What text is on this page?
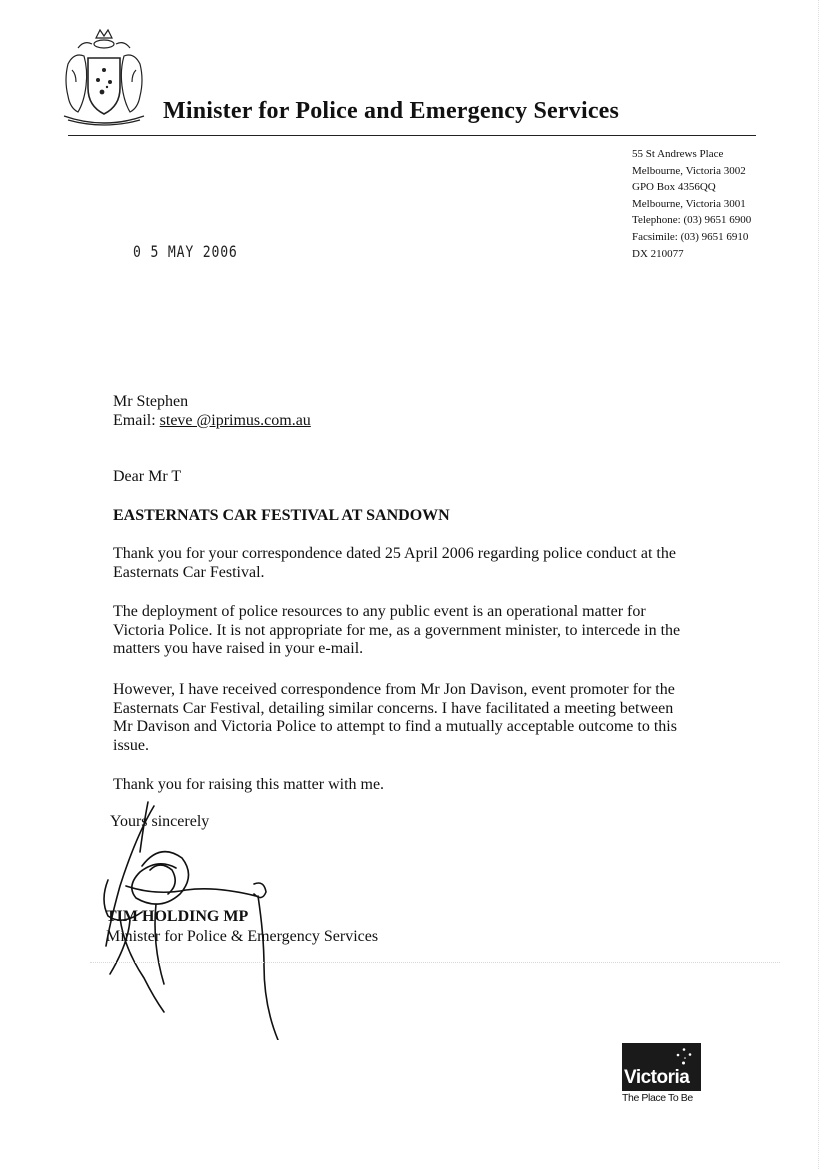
Minister for Police and Emergency Services
55 St Andrews Place
Melbourne, Victoria 3002
GPO Box 4356QQ
Melbourne, Victoria 3001
Telephone: (03) 9651 6900
Facsimile: (03) 9651 6910
DX 210077
0 5 MAY 2006
Mr Stephen
Email: steve @iprimus.com.au
Dear Mr T
EASTERNATS CAR FESTIVAL AT SANDOWN
Thank you for your correspondence dated 25 April 2006 regarding police conduct at the Easternats Car Festival.
The deployment of police resources to any public event is an operational matter for Victoria Police. It is not appropriate for me, as a government minister, to intercede in the matters you have raised in your e-mail.
However, I have received correspondence from Mr Jon Davison, event promoter for the Easternats Car Festival, detailing similar concerns. I have facilitated a meeting between Mr Davison and Victoria Police to attempt to find a mutually acceptable outcome to this issue.
Thank you for raising this matter with me.
Yours sincerely
TIM HOLDING MP
Minister for Police & Emergency Services
Victoria
The Place To Be
